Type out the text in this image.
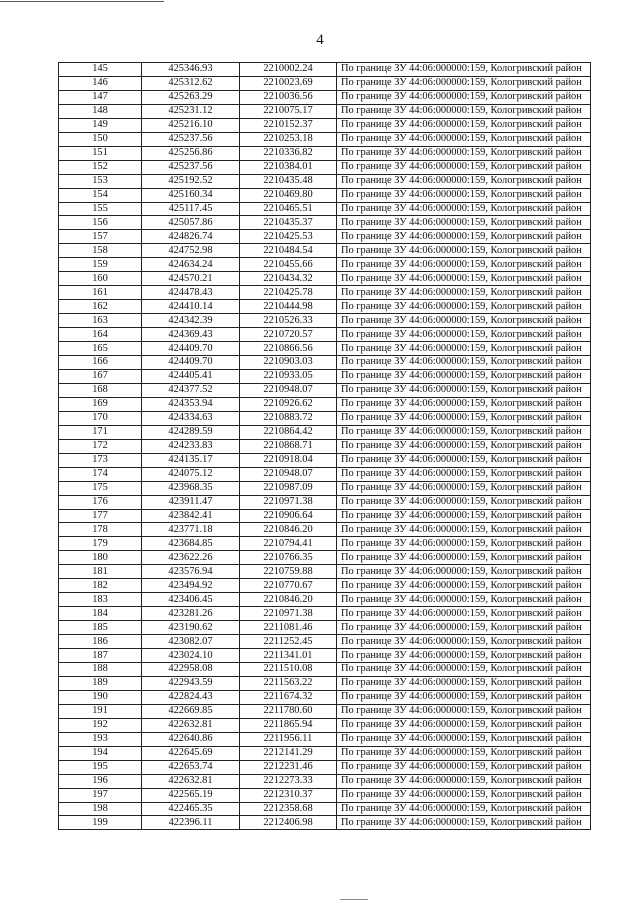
4
145	425346.93	2210002.24	По границе ЗУ 44:06:000000:159, Кологривский район
146	425312.62	2210023.69	По границе ЗУ 44:06:000000:159, Кологривский район
147	425263.29	2210036.56	По границе ЗУ 44:06:000000:159, Кологривский район
148	425231.12	2210075.17	По границе ЗУ 44:06:000000:159, Кологривский район
149	425216.10	2210152.37	По границе ЗУ 44:06:000000:159, Кологривский район
150	425237.56	2210253.18	По границе ЗУ 44:06:000000:159, Кологривский район
151	425256.86	2210336.82	По границе ЗУ 44:06:000000:159, Кологривский район
152	425237.56	2210384.01	По границе ЗУ 44:06:000000:159, Кологривский район
153	425192.52	2210435.48	По границе ЗУ 44:06:000000:159, Кологривский район
154	425160.34	2210469.80	По границе ЗУ 44:06:000000:159, Кологривский район
155	425117.45	2210465.51	По границе ЗУ 44:06:000000:159, Кологривский район
156	425057.86	2210435.37	По границе ЗУ 44:06:000000:159, Кологривский район
157	424826.74	2210425.53	По границе ЗУ 44:06:000000:159, Кологривский район
158	424752.98	2210484.54	По границе ЗУ 44:06:000000:159, Кологривский район
159	424634.24	2210455.66	По границе ЗУ 44:06:000000:159, Кологривский район
160	424570.21	2210434.32	По границе ЗУ 44:06:000000:159, Кологривский район
161	424478.43	2210425.78	По границе ЗУ 44:06:000000:159, Кологривский район
162	424410.14	2210444.98	По границе ЗУ 44:06:000000:159, Кологривский район
163	424342.39	2210526.33	По границе ЗУ 44:06:000000:159, Кологривский район
164	424369.43	2210720.57	По границе ЗУ 44:06:000000:159, Кологривский район
165	424409.70	2210866.56	По границе ЗУ 44:06:000000:159, Кологривский район
166	424409.70	2210903.03	По границе ЗУ 44:06:000000:159, Кологривский район
167	424405.41	2210933.05	По границе ЗУ 44:06:000000:159, Кологривский район
168	424377.52	2210948.07	По границе ЗУ 44:06:000000:159, Кологривский район
169	424353.94	2210926.62	По границе ЗУ 44:06:000000:159, Кологривский район
170	424334.63	2210883.72	По границе ЗУ 44:06:000000:159, Кологривский район
171	424289.59	2210864.42	По границе ЗУ 44:06:000000:159, Кологривский район
172	424233.83	2210868.71	По границе ЗУ 44:06:000000:159, Кологривский район
173	424135.17	2210918.04	По границе ЗУ 44:06:000000:159, Кологривский район
174	424075.12	2210948.07	По границе ЗУ 44:06:000000:159, Кологривский район
175	423968.35	2210987.09	По границе ЗУ 44:06:000000:159, Кологривский район
176	423911.47	2210971.38	По границе ЗУ 44:06:000000:159, Кологривский район
177	423842.41	2210906.64	По границе ЗУ 44:06:000000:159, Кологривский район
178	423771.18	2210846.20	По границе ЗУ 44:06:000000:159, Кологривский район
179	423684.85	2210794.41	По границе ЗУ 44:06:000000:159, Кологривский район
180	423622.26	2210766.35	По границе ЗУ 44:06:000000:159, Кологривский район
181	423576.94	2210759.88	По границе ЗУ 44:06:000000:159, Кологривский район
182	423494.92	2210770.67	По границе ЗУ 44:06:000000:159, Кологривский район
183	423406.45	2210846.20	По границе ЗУ 44:06:000000:159, Кологривский район
184	423281.26	2210971.38	По границе ЗУ 44:06:000000:159, Кологривский район
185	423190.62	2211081.46	По границе ЗУ 44:06:000000:159, Кологривский район
186	423082.07	2211252.45	По границе ЗУ 44:06:000000:159, Кологривский район
187	423024.10	2211341.01	По границе ЗУ 44:06:000000:159, Кологривский район
188	422958.08	2211510.08	По границе ЗУ 44:06:000000:159, Кологривский район
189	422943.59	2211563.22	По границе ЗУ 44:06:000000:159, Кологривский район
190	422824.43	2211674.32	По границе ЗУ 44:06:000000:159, Кологривский район
191	422669.85	2211780.60	По границе ЗУ 44:06:000000:159, Кологривский район
192	422632.81	2211865.94	По границе ЗУ 44:06:000000:159, Кологривский район
193	422640.86	2211956.11	По границе ЗУ 44:06:000000:159, Кологривский район
194	422645.69	2212141.29	По границе ЗУ 44:06:000000:159, Кологривский район
195	422653.74	2212231.46	По границе ЗУ 44:06:000000:159, Кологривский район
196	422632.81	2212273.33	По границе ЗУ 44:06:000000:159, Кологривский район
197	422565.19	2212310.37	По границе ЗУ 44:06:000000:159, Кологривский район
198	422465.35	2212358.68	По границе ЗУ 44:06:000000:159, Кологривский район
199	422396.11	2212406.98	По границе ЗУ 44:06:000000:159, Кологривский район
